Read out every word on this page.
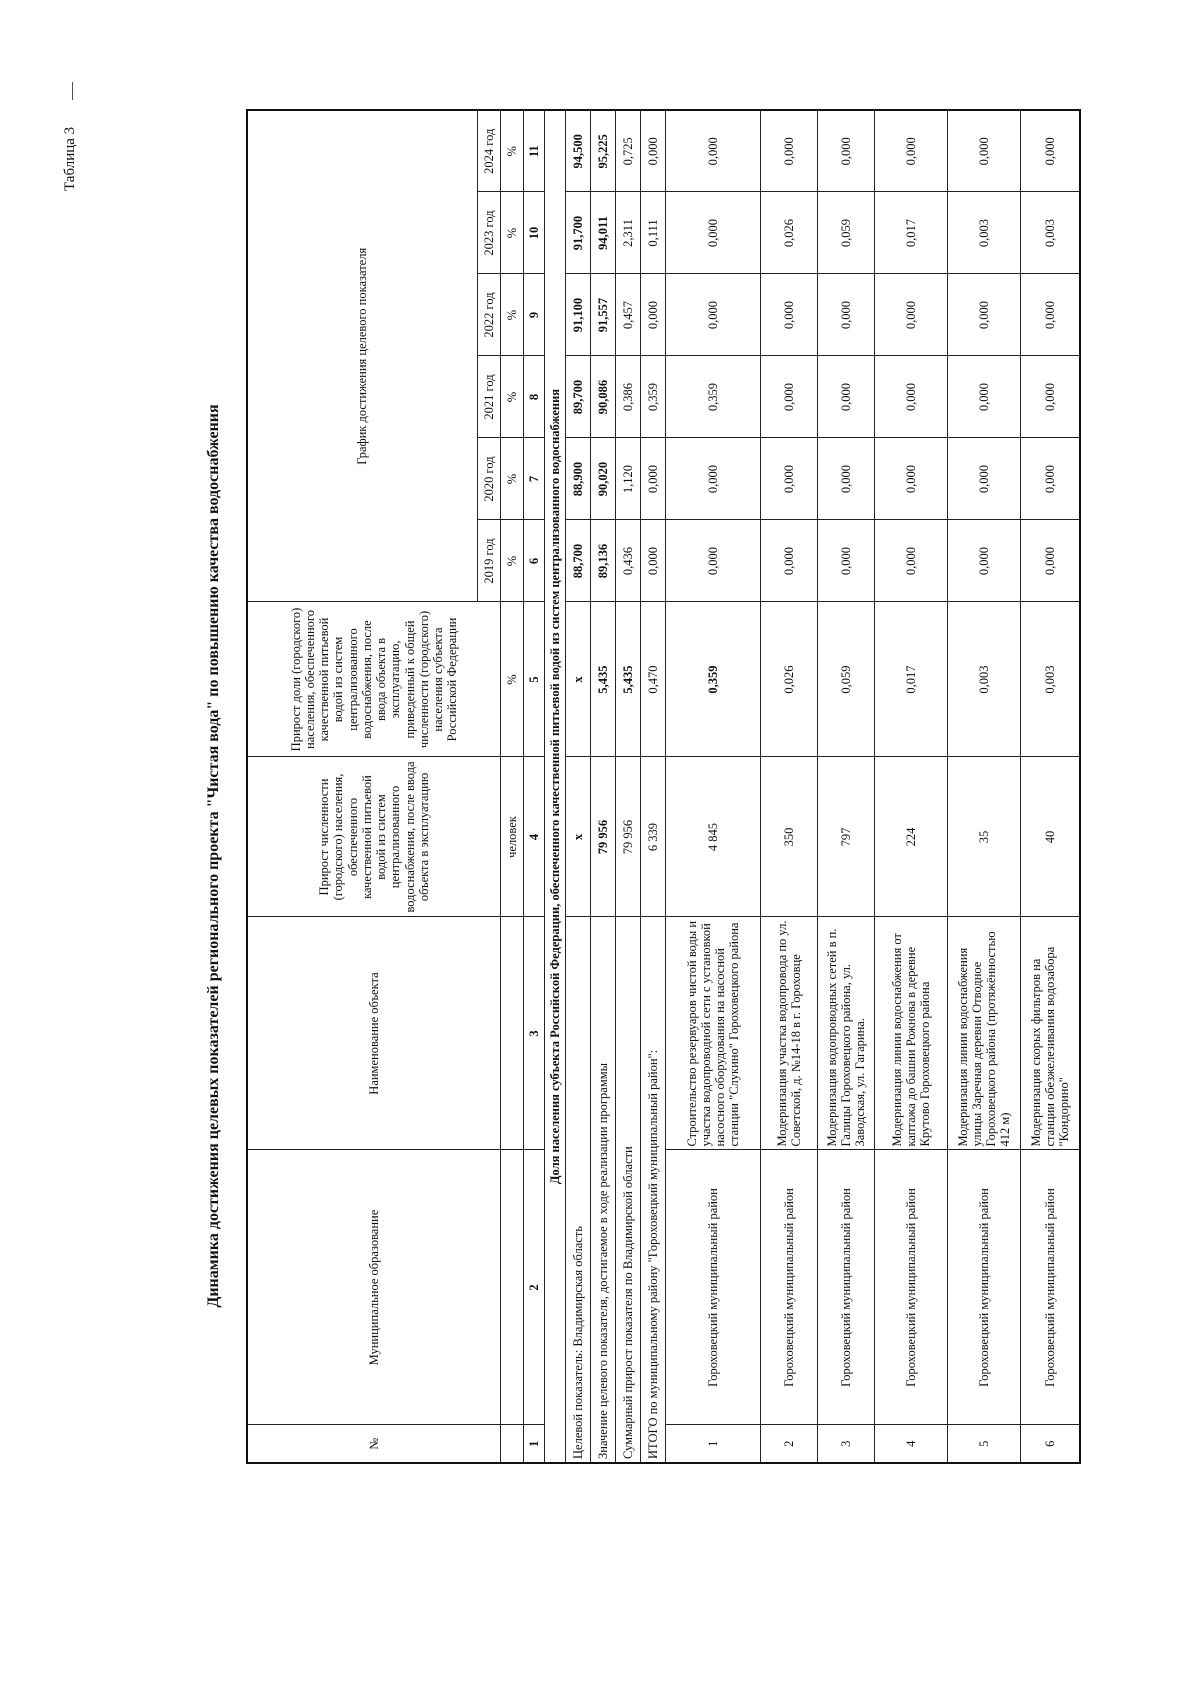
Таблица 3
Динамика достижения целевых показателей регионального проекта "Чистая вода" по повышению качества водоснабжения
№	Муниципальное образование	Наименование объекта	Прирост численности (городского) населения, обеспеченного качественной питьевой водой из систем централизованного водоснабжения, после ввода объекта в эксплуатацию	Прирост доли (городского) населения, обеспеченного качественной питьевой водой из систем централизованного водоснабжения, после ввода объекта в эксплуатацию, приведенный к общей численности (городского) населения субъекта Российской Федерации	График достижения целевого показателя					
					2019 год	2020 год	2021 год	2022 год	2023 год	2024 год
			человек	%	%	%	%	%	%	%
1	2	3	4	5	6	7	8	9	10	11
Доля населения субъекта Российской Федерации, обеспеченного качественной питьевой водой из систем централизованного водоснабжения										
Целевой показатель: Владимирская область			x	x	88,700	88,900	89,700	91,100	91,700	94,500
Значение целевого показателя, достигаемое в ходе реализации программы			79 956	5,435	89,136	90,020	90,086	91,557	94,011	95,225
Суммарный прирост показателя по Владимирской области			79 956	5,435	0,436	1,120	0,386	0,457	2,311	0,725
ИТОГО по муниципальному району "Гороховецкий муниципальный район":			6 339	0,470	0,000	0,000	0,359	0,000	0,111	0,000
1	Гороховецкий муниципальный район	Строительство резервуаров чистой воды и участка водопроводной сети с установкой насосного оборудования на насосной станции "Слукино" Гороховецкого района	4 845	0,359	0,000	0,000	0,359	0,000	0,000	0,000
2	Гороховецкий муниципальный район	Модернизация участка водопровода по ул. Советской, д. №14-18 в г. Гороховце	350	0,026	0,000	0,000	0,000	0,000	0,026	0,000
3	Гороховецкий муниципальный район	Модернизация водопроводных сетей в п. Галицы Гороховецкого района, ул. Заводская, ул. Гагарина.	797	0,059	0,000	0,000	0,000	0,000	0,059	0,000
4	Гороховецкий муниципальный район	Модернизация линии водоснабжения от каптажа до башни Рожнова в деревне Крутово Гороховецкого района	224	0,017	0,000	0,000	0,000	0,000	0,017	0,000
5	Гороховецкий муниципальный район	Модернизация линии водоснабжения улицы Заречная деревни Отводное Гороховецкого района (протяжённостью 412 м)	35	0,003	0,000	0,000	0,000	0,000	0,003	0,000
6	Гороховецкий муниципальный район	Модернизация скорых фильтров на станции обезжелезивания водозабора "Кондорино"	40	0,003	0,000	0,000	0,000	0,000	0,003	0,000
